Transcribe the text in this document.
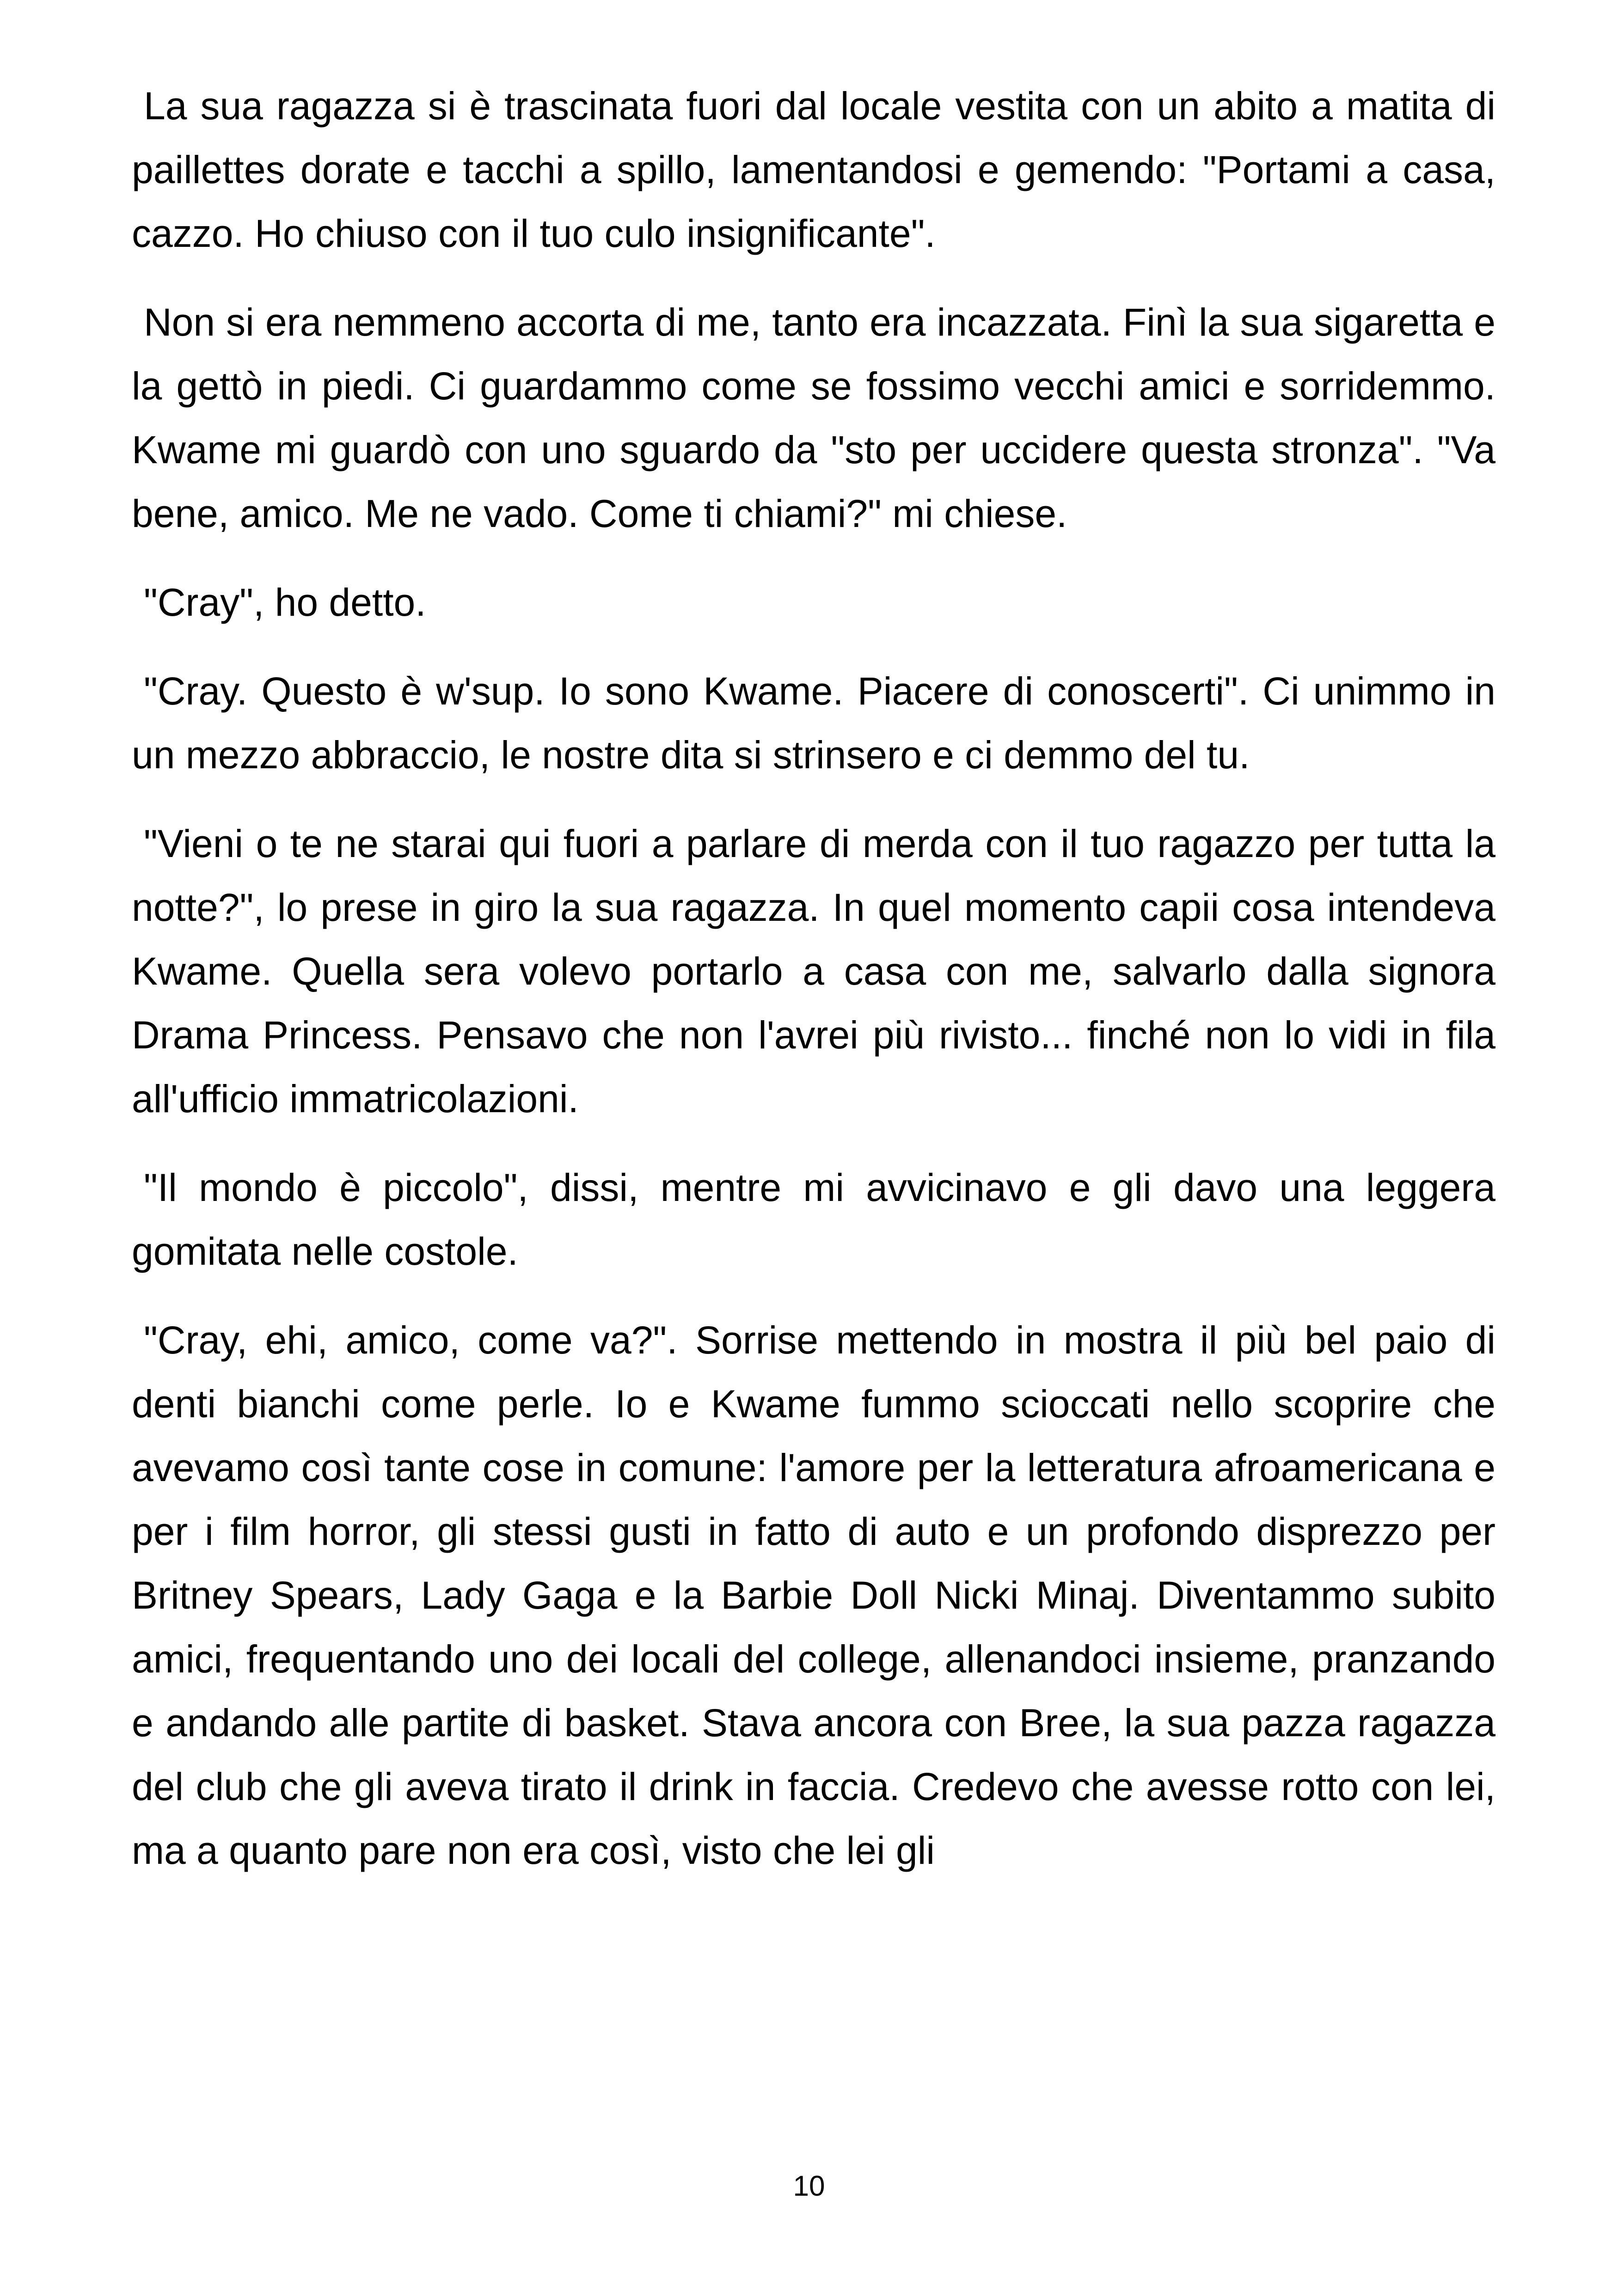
La sua ragazza si è trascinata fuori dal locale vestita con un abito a matita di paillettes dorate e tacchi a spillo, lamentandosi e gemendo: "Portami a casa, cazzo. Ho chiuso con il tuo culo insignificante".

Non si era nemmeno accorta di me, tanto era incazzata. Finì la sua sigaretta e la gettò in piedi. Ci guardammo come se fossimo vecchi amici e sorridemmo. Kwame mi guardò con uno sguardo da "sto per uccidere questa stronza". "Va bene, amico. Me ne vado. Come ti chiami?" mi chiese.

"Cray", ho detto.

"Cray. Questo è w'sup. Io sono Kwame. Piacere di conoscerti". Ci unimmo in un mezzo abbraccio, le nostre dita si strinsero e ci demmo del tu.

"Vieni o te ne starai qui fuori a parlare di merda con il tuo ragazzo per tutta la notte?", lo prese in giro la sua ragazza. In quel momento capii cosa intendeva Kwame. Quella sera volevo portarlo a casa con me, salvarlo dalla signora Drama Princess. Pensavo che non l'avrei più rivisto... finché non lo vidi in fila all'ufficio immatricolazioni.

"Il mondo è piccolo", dissi, mentre mi avvicinavo e gli davo una leggera gomitata nelle costole.

"Cray, ehi, amico, come va?". Sorrise mettendo in mostra il più bel paio di denti bianchi come perle. Io e Kwame fummo scioccati nello scoprire che avevamo così tante cose in comune: l'amore per la letteratura afroamericana e per i film horror, gli stessi gusti in fatto di auto e un profondo disprezzo per Britney Spears, Lady Gaga e la Barbie Doll Nicki Minaj. Diventammo subito amici, frequentando uno dei locali del college, allenandoci insieme, pranzando e andando alle partite di basket. Stava ancora con Bree, la sua pazza ragazza del club che gli aveva tirato il drink in faccia. Credevo che avesse rotto con lei, ma a quanto pare non era così, visto che lei gli

10
